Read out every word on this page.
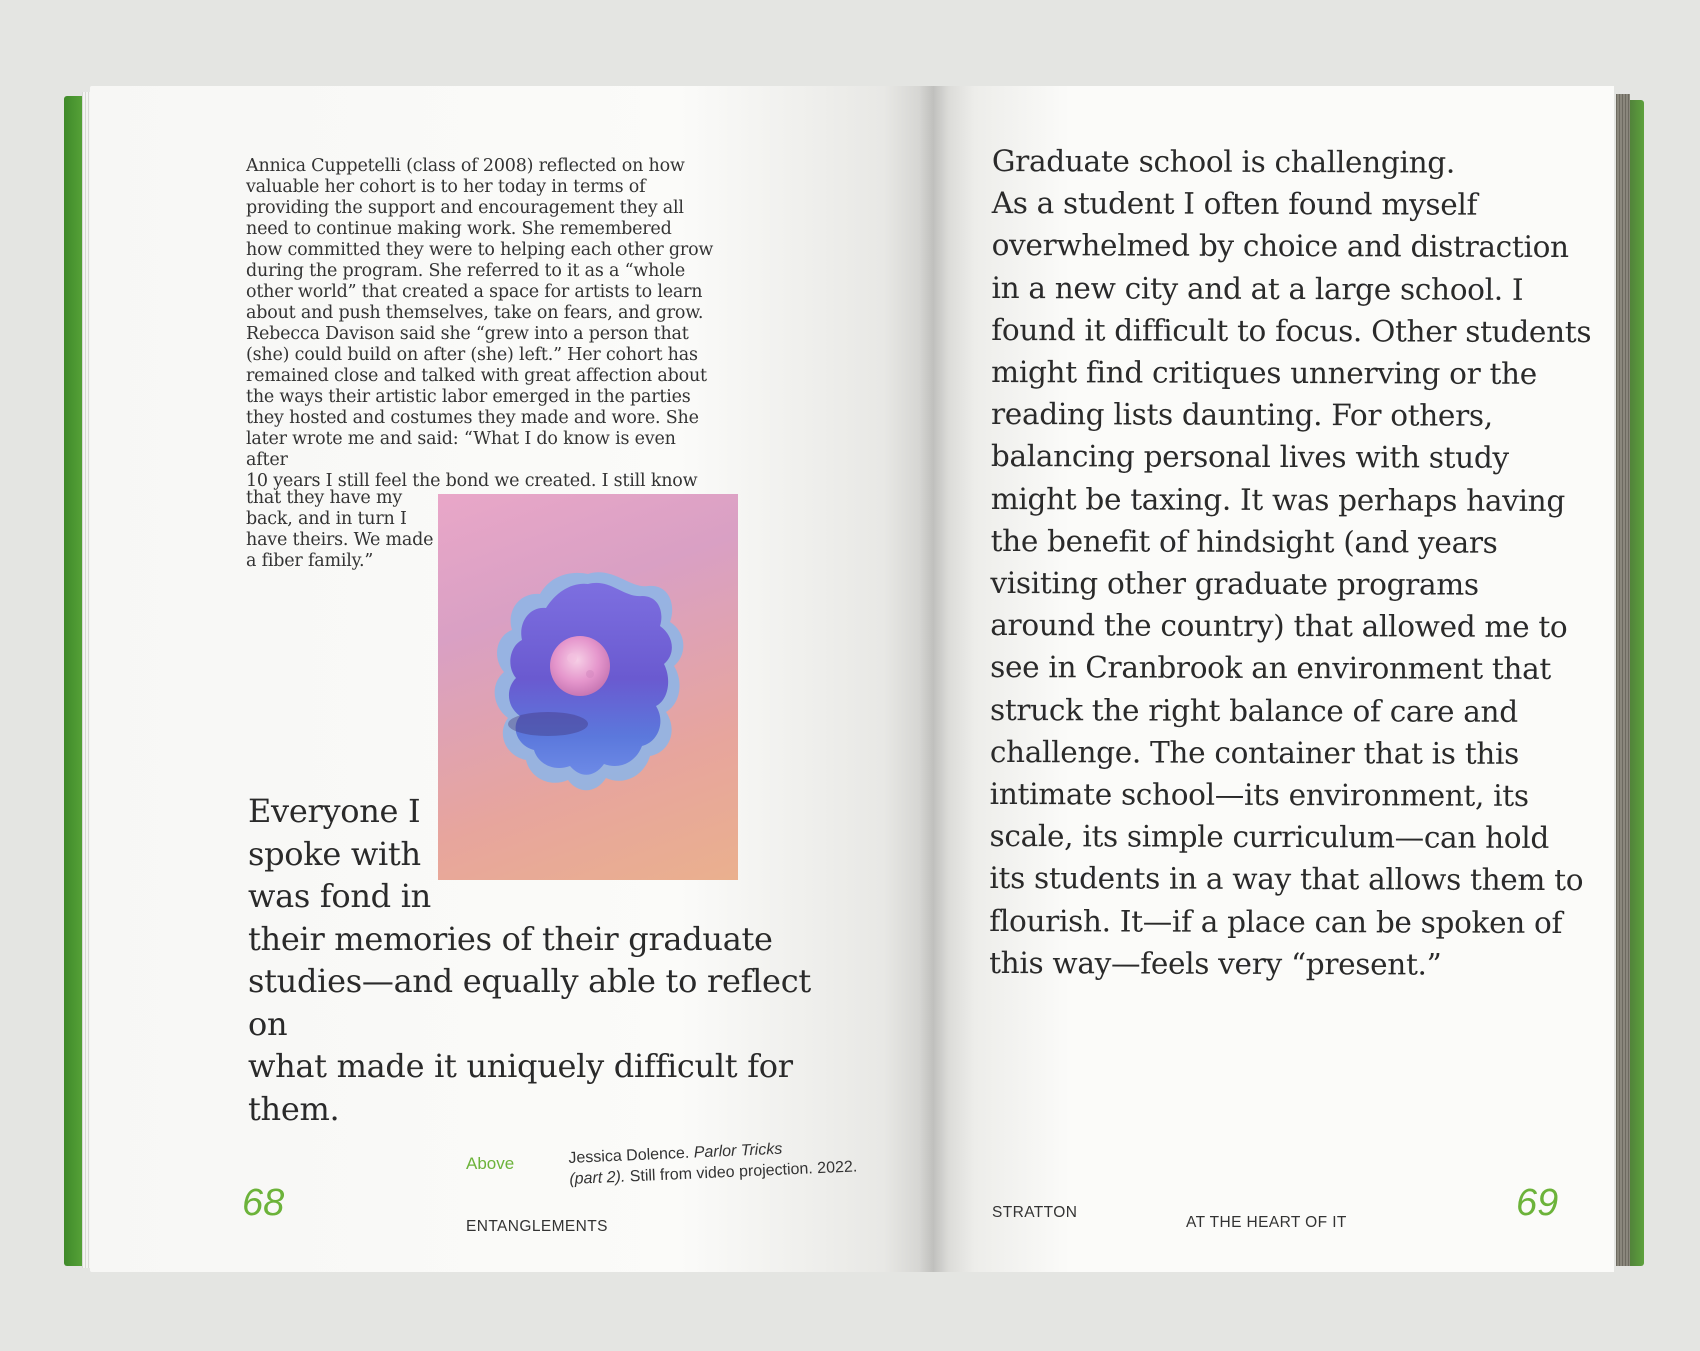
Annica Cuppetelli (class of 2008) reflected on how
valuable her cohort is to her today in terms of
providing the support and encouragement they all
need to continue making work. She remembered
how committed they were to helping each other grow
during the program. She referred to it as a “whole
other world” that created a space for artists to learn
about and push themselves, take on fears, and grow.
Rebecca Davison said she “grew into a person that
(she) could build on after (she) left.” Her cohort has
remained close and talked with great affection about
the ways their artistic labor emerged in the parties
they hosted and costumes they made and wore. She
later wrote me and said: “What I do know is even after
10 years I still feel the bond we created. I still know
that they have my
back, and in turn I
have theirs. We made
a fiber family.”
Everyone I
spoke with
was fond in
their memories of their graduate
studies—and equally able to reflect on
what made it uniquely difficult for them.
Above	Jessica Dolence. Parlor Tricks
(part 2). Still from video projection. 2022.
68
ENTANGLEMENTS
Graduate school is challenging.
As a student I often found myself
overwhelmed by choice and distraction
in a new city and at a large school. I
found it difficult to focus. Other students
might find critiques unnerving or the
reading lists daunting. For others,
balancing personal lives with study
might be taxing. It was perhaps having
the benefit of hindsight (and years
visiting other graduate programs
around the country) that allowed me to
see in Cranbrook an environment that
struck the right balance of care and
challenge. The container that is this
intimate school—its environment, its
scale, its simple curriculum—can hold
its students in a way that allows them to
flourish. It—if a place can be spoken of
this way—feels very “present.”
STRATTON
AT THE HEART OF IT	69
